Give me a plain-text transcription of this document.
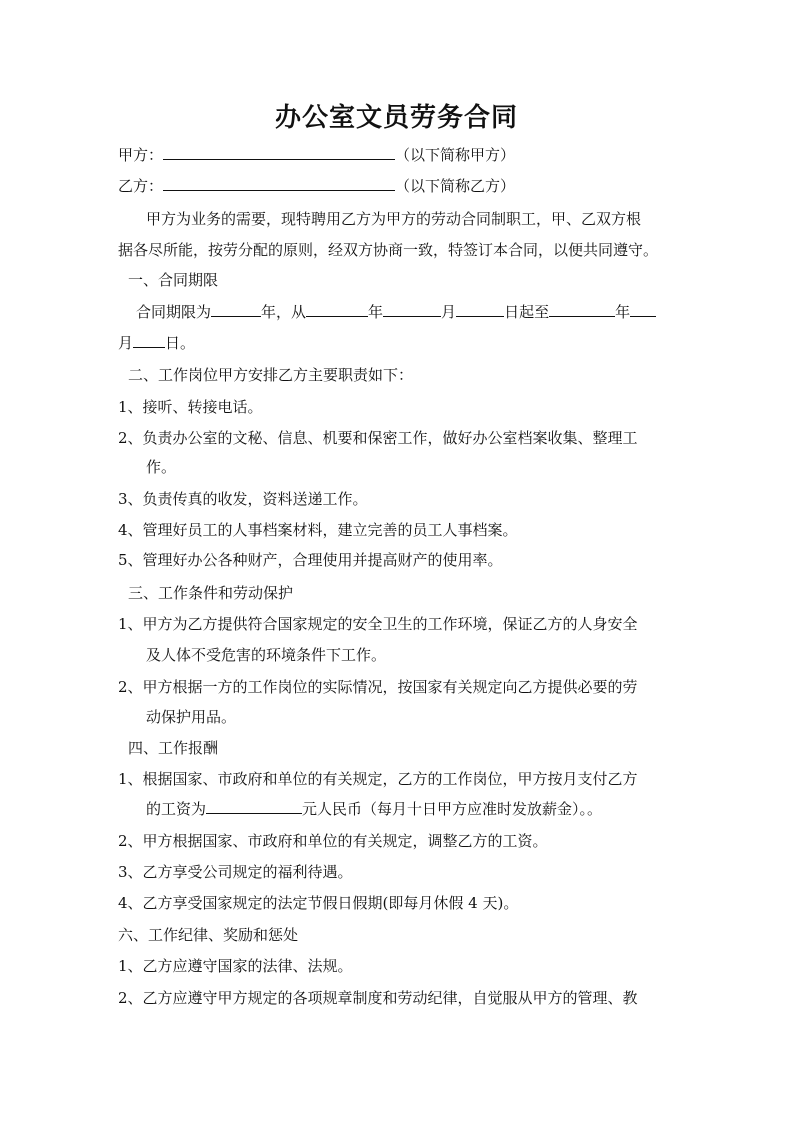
办公室文员劳务合同
甲方：	（以下简称甲方）
乙方：	（以下简称乙方）
甲方为业务的需要，现特聘用乙方为甲方的劳动合同制职工，甲、乙双方根
据各尽所能，按劳分配的原则，经双方协商一致，特签订本合同，以便共同遵守。
一、合同期限
合同期限为	年，从	年	月	日起至	年
月 日。
二、工作岗位甲方安排乙方主要职责如下：
1、接听、转接电话。
2、负责办公室的文秘、信息、机要和保密工作，做好办公室档案收集、整理工
作。
3、负责传真的收发，资料送递工作。
4、管理好员工的人事档案材料，建立完善的员工人事档案。
5、管理好办公各种财产，合理使用并提高财产的使用率。
三、工作条件和劳动保护
1、甲方为乙方提供符合国家规定的安全卫生的工作环境，保证乙方的人身安全
及人体不受危害的环境条件下工作。
2、甲方根据一方的工作岗位的实际情况，按国家有关规定向乙方提供必要的劳
动保护用品。
四、工作报酬
1、根据国家、市政府和单位的有关规定，乙方的工作岗位，甲方按月支付乙方
的工资为	元人民币（每月十日甲方应准时发放薪金）。。
2、甲方根据国家、市政府和单位的有关规定，调整乙方的工资。
3、乙方享受公司规定的福利待遇。
4、乙方享受国家规定的法定节假日假期(即每月休假 4 天)。
六、工作纪律、奖励和惩处
1、乙方应遵守国家的法律、法规。
2、乙方应遵守甲方规定的各项规章制度和劳动纪律，自觉服从甲方的管理、教
